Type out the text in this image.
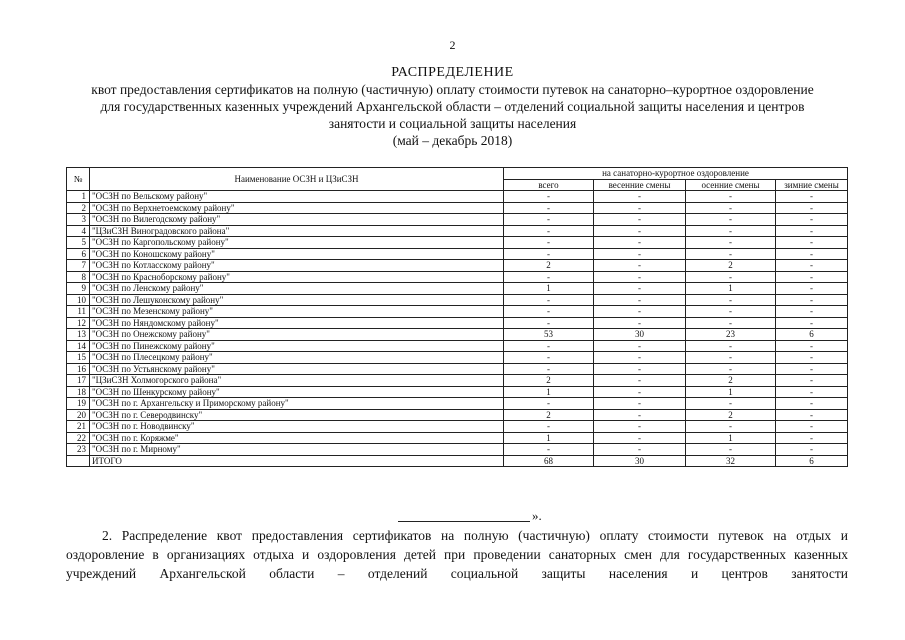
2
РАСПРЕДЕЛЕНИЕ
квот предоставления сертификатов на полную (частичную) оплату стоимости путевок на санаторно–курортное оздоровление
для государственных казенных учреждений Архангельской области – отделений социальной защиты населения и центров
занятости и социальной защиты населения
(май – декабрь 2018)
№	Наименование ОСЗН и ЦЗиСЗН	на санаторно-курортное оздоровление			
		всего	весенние смены	осенние смены	зимние смены
1	"ОСЗН по Вельскому району"	-	-	-	-
2	"ОСЗН по Верхнетоемскому району"	-	-	-	-
3	"ОСЗН по Вилегодскому району"	-	-	-	-
4	"ЦЗиСЗН Виноградовского района"	-	-	-	-
5	"ОСЗН по Каргопольскому району"	-	-	-	-
6	"ОСЗН по Коношскому району"	-	-	-	-
7	"ОСЗН по Котласскому району"	2	-	2	-
8	"ОСЗН по Красноборскому району"	-	-	-	-
9	"ОСЗН по Ленскому району"	1	-	1	-
10	"ОСЗН по Лешуконскому району"	-	-	-	-
11	"ОСЗН по Мезенскому району"	-	-	-	-
12	"ОСЗН по Няндомскому району"	-	-	-	-
13	"ОСЗН по Онежскому району"	53	30	23	6
14	"ОСЗН по Пинежскому району"	-	-	-	-
15	"ОСЗН по Плесецкому району"	-	-	-	-
16	"ОСЗН по Устьянскому району"	-	-	-	-
17	"ЦЗиСЗН Холмогорского района"	2	-	2	-
18	"ОСЗН по Шенкурскому району"	1	-	1	-
19	"ОСЗН по г. Архангельску и Приморскому району"	-	-	-	-
20	"ОСЗН по г. Северодвинску"	2	-	2	-
21	"ОСЗН по г. Новодвинску"	-	-	-	-
22	"ОСЗН по г. Коряжме"	1	-	1	-
23	"ОСЗН по г. Мирному"	-	-	-	-
	ИТОГО	68	30	32	6
».
2. Распределение квот предоставления сертификатов на полную (частичную) оплату стоимости путевок на отдых и
оздоровление в организациях отдыха и оздоровления детей при проведении санаторных смен для государственных казенных
учреждений Архангельской области – отделений социальной защиты населения и центров занятости
